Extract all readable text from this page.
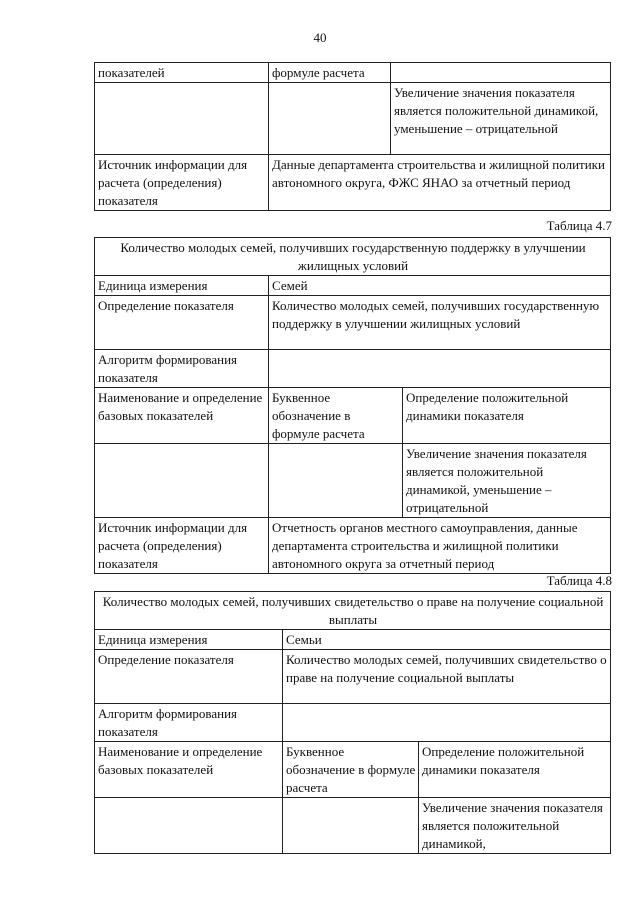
40
показателей	формуле расчета	
		Увеличение значения показателя является положительной динамикой, уменьшение – отрицательной
Источник информации для расчета (определения) показателя	Данные департамента строительства и жилищной политики автономного округа, ФЖС ЯНАО за отчетный период	
Таблица 4.7
Количество молодых семей, получивших государственную поддержку в улучшении жилищных условий		
Единица измерения	Семей	
Определение показателя	Количество молодых семей, получивших государственную поддержку в улучшении жилищных условий	
Алгоритм формирования показателя		
Наименование и определение базовых показателей	Буквенное обозначение в формуле расчета	Определение положительной динамики показателя
		Увеличение значения показателя является положительной динамикой, уменьшение – отрицательной
Источник информации для расчета (определения) показателя	Отчетность органов местного самоуправления, данные департамента строительства и жилищной политики автономного округа за отчетный период	
Таблица 4.8
Количество молодых семей, получивших свидетельство о праве на получение социальной выплаты		
Единица измерения	Семьи	
Определение показателя	Количество молодых семей, получивших свидетельство о праве на получение социальной выплаты	
Алгоритм формирования показателя		
Наименование и определение базовых показателей	Буквенное обозначение в формуле расчета	Определение положительной динамики показателя
		Увеличение значения показателя является положительной динамикой,
